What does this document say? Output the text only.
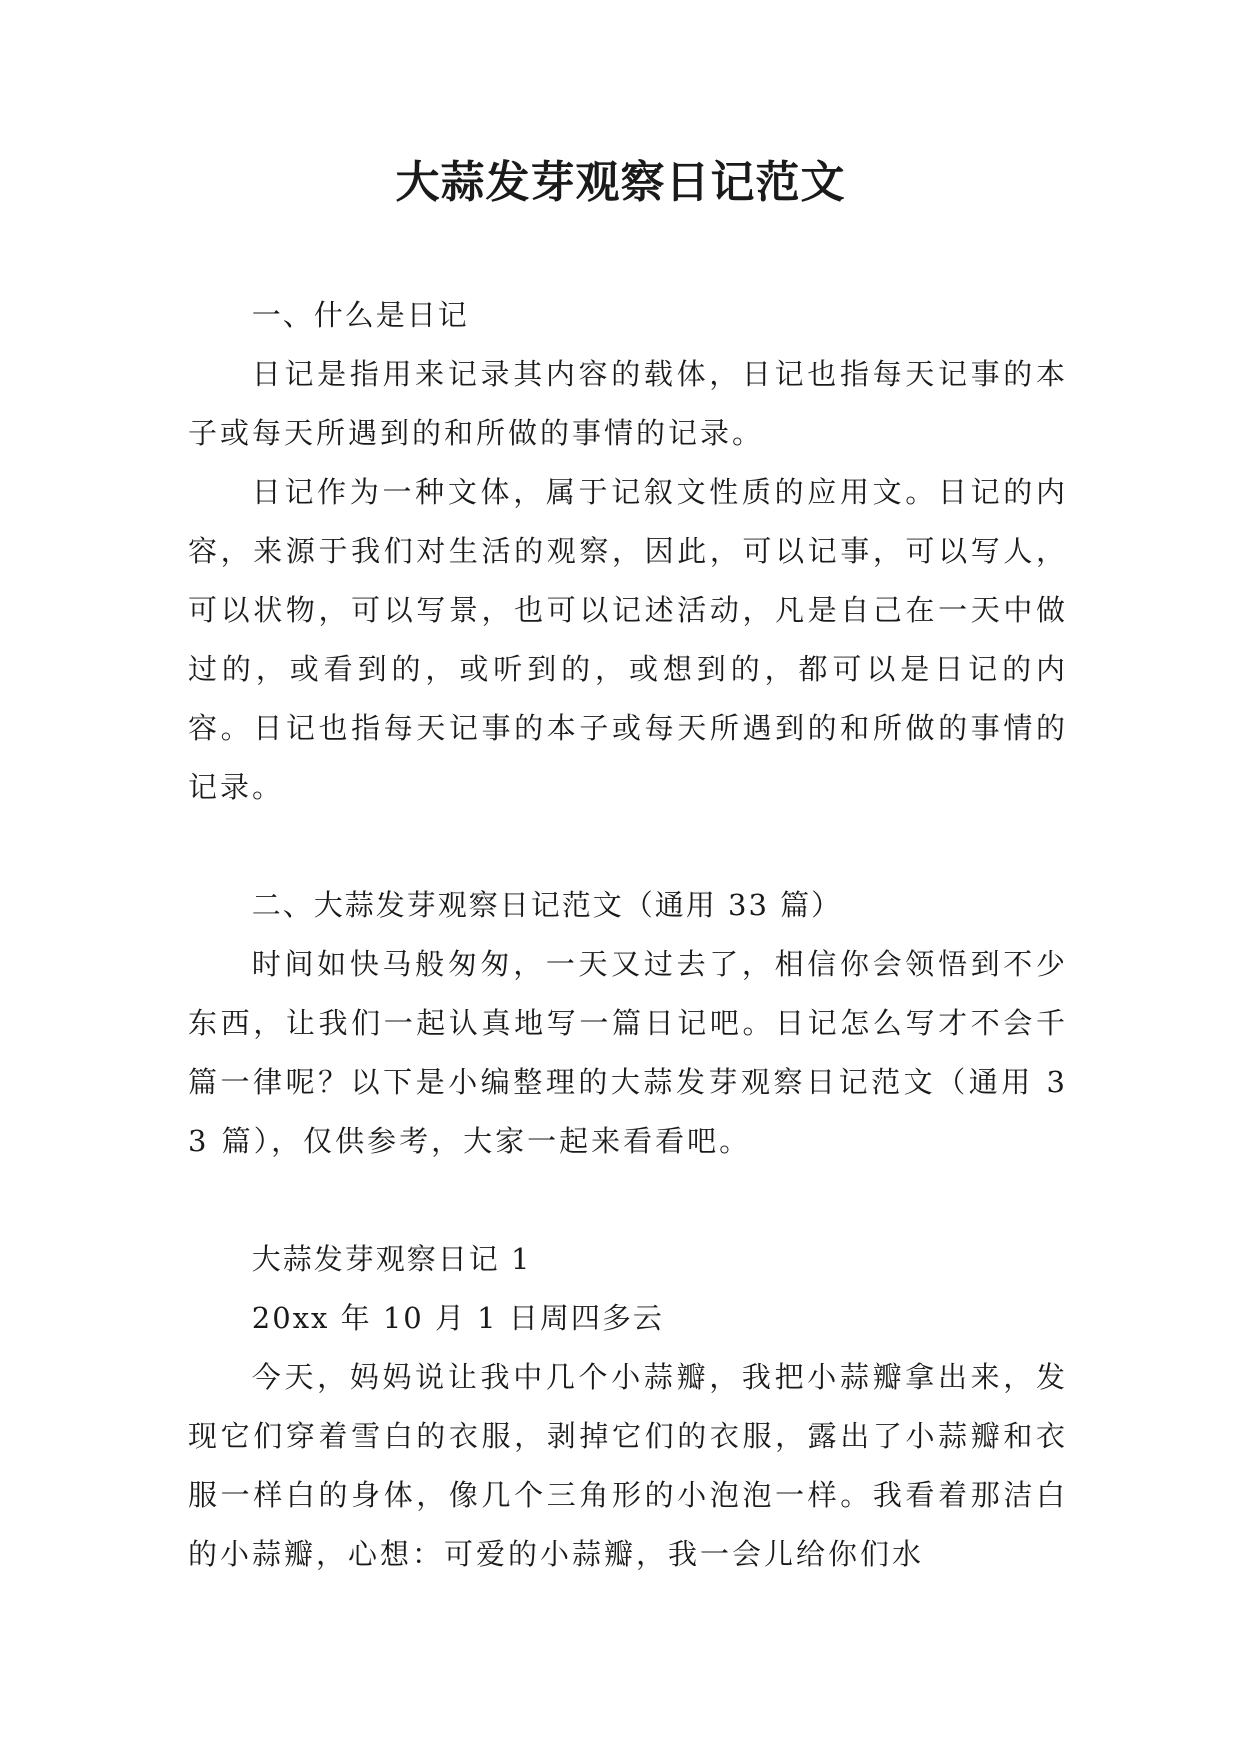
大蒜发芽观察日记范文

一、什么是日记

日记是指用来记录其内容的载体，日记也指每天记事的本子或每天所遇到的和所做的事情的记录。

日记作为一种文体，属于记叙文性质的应用文。日记的内容，来源于我们对生活的观察，因此，可以记事，可以写人，可以状物，可以写景，也可以记述活动，凡是自己在一天中做过的，或看到的，或听到的，或想到的，都可以是日记的内容。日记也指每天记事的本子或每天所遇到的和所做的事情的记录。

二、大蒜发芽观察日记范文（通用 33 篇）

时间如快马般匆匆，一天又过去了，相信你会领悟到不少东西，让我们一起认真地写一篇日记吧。日记怎么写才不会千篇一律呢？以下是小编整理的大蒜发芽观察日记范文（通用 33 篇），仅供参考，大家一起来看看吧。

大蒜发芽观察日记 1

20xx 年 10 月 1 日周四多云

今天，妈妈说让我中几个小蒜瓣，我把小蒜瓣拿出来，发现它们穿着雪白的衣服，剥掉它们的衣服，露出了小蒜瓣和衣服一样白的身体，像几个三角形的小泡泡一样。我看着那洁白的小蒜瓣，心想：可爱的小蒜瓣，我一会儿给你们水
